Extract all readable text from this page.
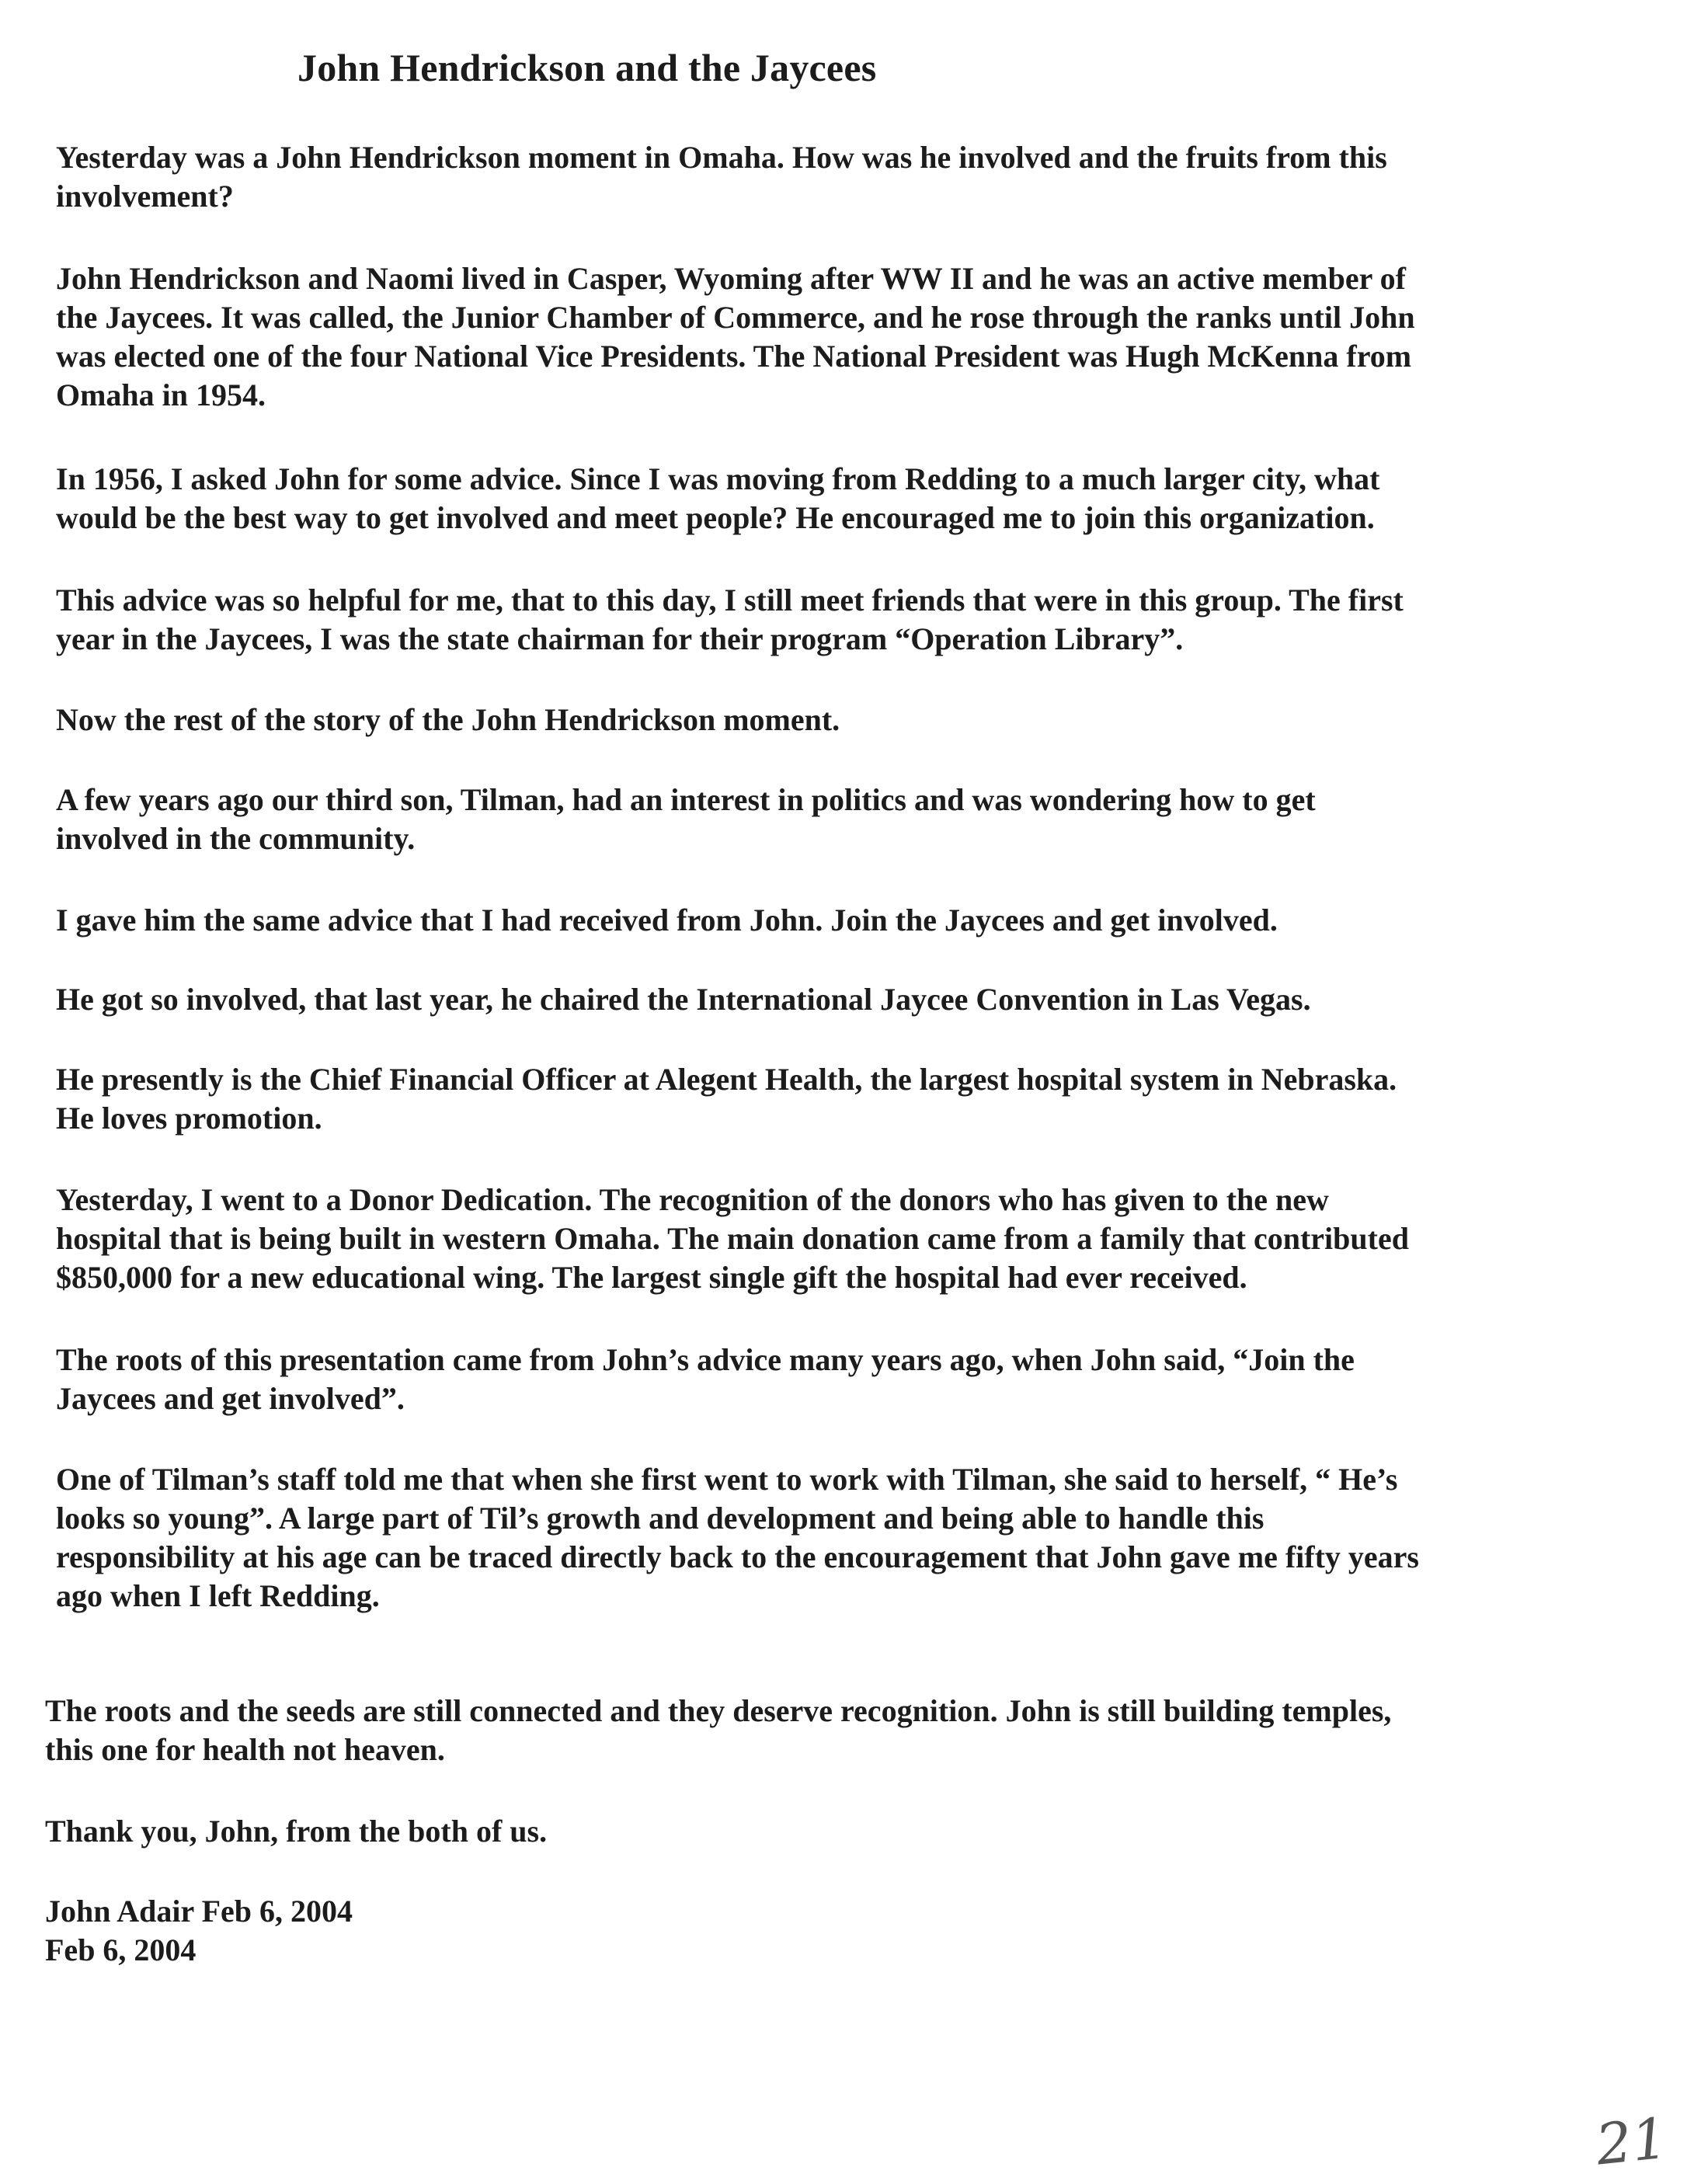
John Hendrickson and the Jaycees
Yesterday was a John Hendrickson moment in Omaha. How was he involved and the fruits from this
involvement?
John Hendrickson and Naomi lived in Casper, Wyoming after WW II and he was an active member of
the Jaycees. It was called, the Junior Chamber of Commerce, and he rose through the ranks until John
was elected one of the four National Vice Presidents. The National President was Hugh McKenna from
Omaha in 1954.
In 1956, I asked John for some advice. Since I was moving from Redding to a much larger city, what
would be the best way to get involved and meet people? He encouraged me to join this organization.
This advice was so helpful for me, that to this day, I still meet friends that were in this group. The first
year in the Jaycees, I was the state chairman for their program “Operation Library”.
Now the rest of the story of the John Hendrickson moment.
A few years ago our third son, Tilman, had an interest in politics and was wondering how to get
involved in the community.
I gave him the same advice that I had received from John. Join the Jaycees and get involved.
He got so involved, that last year, he chaired the International Jaycee Convention in Las Vegas.
He presently is the Chief Financial Officer at Alegent Health, the largest hospital system in Nebraska.
He loves promotion.
Yesterday, I went to a Donor Dedication. The recognition of the donors who has given to the new
hospital that is being built in western Omaha. The main donation came from a family that contributed
$850,000 for a new educational wing. The largest single gift the hospital had ever received.
The roots of this presentation came from John’s advice many years ago, when John said, “Join the
Jaycees and get involved”.
One of Tilman’s staff told me that when she first went to work with Tilman, she said to herself, “ He’s
looks so young”. A large part of Til’s growth and development and being able to handle this
responsibility at his age can be traced directly back to the encouragement that John gave me fifty years
ago when I left Redding.
The roots and the seeds are still connected and they deserve recognition. John is still building temples,
this one for health not heaven.
Thank you, John, from the both of us.
John Adair Feb 6, 2004
Feb 6, 2004
21
